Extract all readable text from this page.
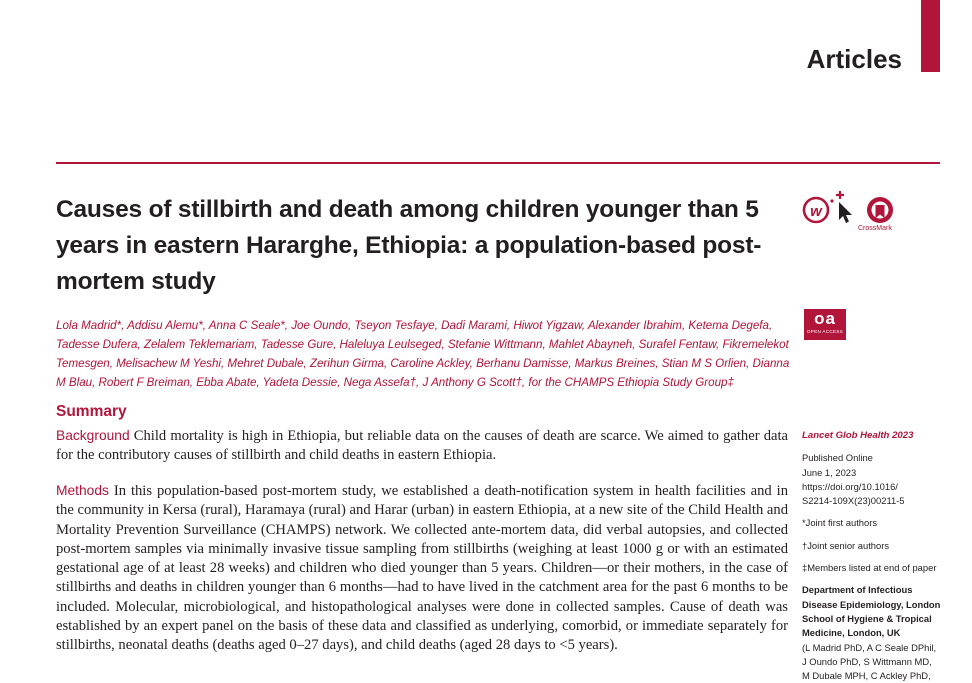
Articles
Causes of stillbirth and death among children younger than 5 years in eastern Hararghe, Ethiopia: a population-based post-mortem study
w
CrossMark
oa
OPEN ACCESS
Lola Madrid*, Addisu Alemu*, Anna C Seale*, Joe Oundo, Tseyon Tesfaye, Dadi Marami, Hiwot Yigzaw, Alexander Ibrahim, Ketema Degefa, Tadesse Dufera, Zelalem Teklemariam, Tadesse Gure, Haleluya Leulseged, Stefanie Wittmann, Mahlet Abayneh, Surafel Fentaw, Fikremelekot Temesgen, Melisachew M Yeshi, Mehret Dubale, Zerihun Girma, Caroline Ackley, Berhanu Damisse, Markus Breines, Stian M S Orlien, Dianna M Blau, Robert F Breiman, Ebba Abate, Yadeta Dessie, Nega Assefa†, J Anthony G Scott†, for the CHAMPS Ethiopia Study Group‡
Summary

Background Child mortality is high in Ethiopia, but reliable data on the causes of death are scarce. We aimed to gather data for the contributory causes of stillbirth and child deaths in eastern Ethiopia.

Methods In this population-based post-mortem study, we established a death-notification system in health facilities and in the community in Kersa (rural), Haramaya (rural) and Harar (urban) in eastern Ethiopia, at a new site of the Child Health and Mortality Prevention Surveillance (CHAMPS) network. We collected ante-mortem data, did verbal autopsies, and collected post-mortem samples via minimally invasive tissue sampling from stillbirths (weighing at least 1000 g or with an estimated gestational age of at least 28 weeks) and children who died younger than 5 years. Children—or their mothers, in the case of stillbirths and deaths in children younger than 6 months—had to have lived in the catchment area for the past 6 months to be included. Molecular, microbiological, and histopathological analyses were done in collected samples. Cause of death was established by an expert panel on the basis of these data and classified as underlying, comorbid, or immediate separately for stillbirths, neonatal deaths (deaths aged 0–27 days), and child deaths (aged 28 days to <5 years).

Lancet Glob Health 2023
Published Online
June 1, 2023
https://doi.org/10.1016/
S2214-109X(23)00211-5
*Joint first authors
†Joint senior authors
‡Members listed at end of paper
Department of Infectious
Disease Epidemiology, London
School of Hygiene & Tropical
Medicine, London, UK
(L Madrid PhD, A C Seale DPhil,
J Oundo PhD, S Wittmann MD,
M Dubale MPH, C Ackley PhD,
